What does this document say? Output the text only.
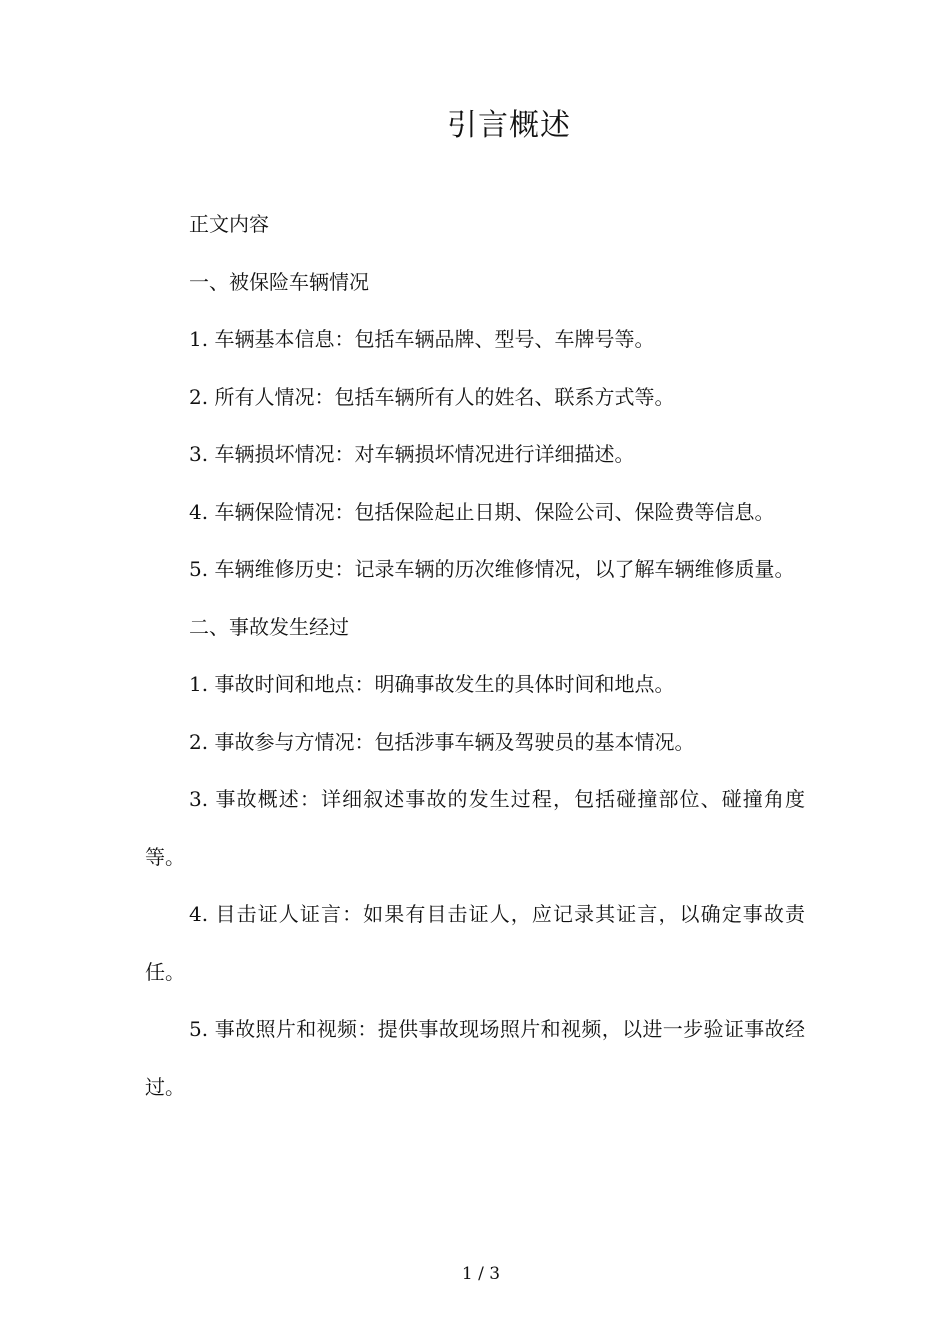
引言概述

正文内容

一、被保险车辆情况

1. 车辆基本信息：包括车辆品牌、型号、车牌号等。

2. 所有人情况：包括车辆所有人的姓名、联系方式等。

3. 车辆损坏情况：对车辆损坏情况进行详细描述。

4. 车辆保险情况：包括保险起止日期、保险公司、保险费等信息。

5. 车辆维修历史：记录车辆的历次维修情况，以了解车辆维修质量。

二、事故发生经过

1. 事故时间和地点：明确事故发生的具体时间和地点。

2. 事故参与方情况：包括涉事车辆及驾驶员的基本情况。

3. 事故概述：详细叙述事故的发生过程，包括碰撞部位、碰撞角度等。

4. 目击证人证言：如果有目击证人，应记录其证言，以确定事故责任。

5. 事故照片和视频：提供事故现场照片和视频，以进一步验证事故经过。

1 / 3
